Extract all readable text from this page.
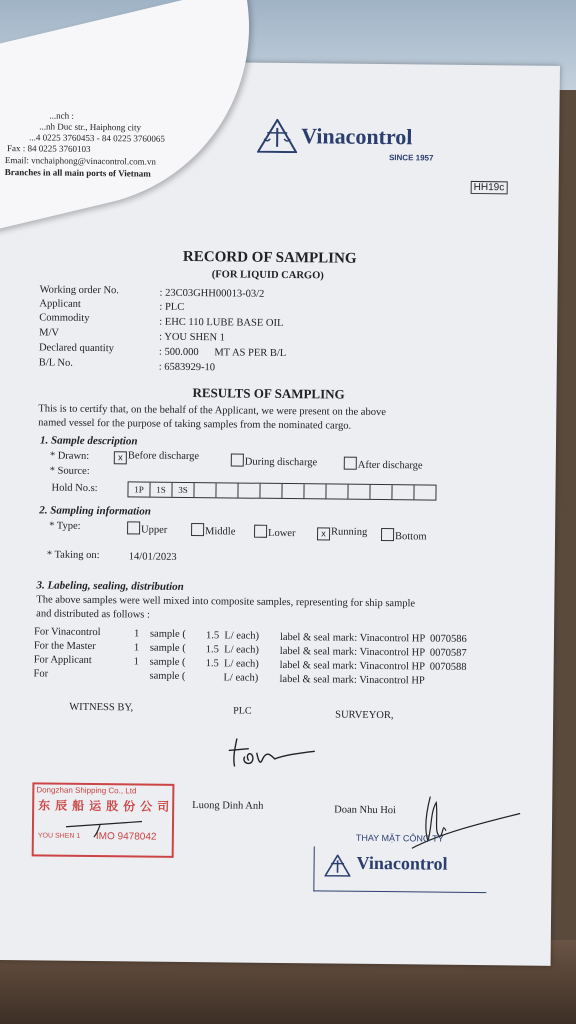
...nch :
...nh Duc str., Haiphong city
...4 0225 3760453 - 84 0225 3760065
Fax : 84 0225 3760103
Email: vnchaiphong@vinacontrol.com.vn
Branches in all main ports of Vietnam
Vinacontrol
SINCE 1957
HH19c
RECORD OF SAMPLING
(FOR LIQUID CARGO)
Working order No.	: 23C03GHH00013-03/2
Applicant	: PLC
Commodity	: EHC 110 LUBE BASE OIL
M/V	: YOU SHEN 1
Declared quantity	: 500.000      MT AS PER B/L
B/L No.	: 6583929-10
RESULTS OF SAMPLING
This is to certify that, on the behalf of the Applicant, we were present on the above
named vessel for the purpose of taking samples from the nominated cargo.
1. Sample description
* Drawn:	x Before discharge
During discharge	After discharge
* Source:
Hold No.s:	1P	1S	3S
2. Sampling information
* Type:	Upper	Middle	Lower	x Running	Bottom
* Taking on:	14/01/2023
3. Labeling, sealing, distribution
The above samples were well mixed into composite samples, representing for ship sample
and distributed as follows :
For Vinacontrol	1 sample ( 1.5  L/ each) label & seal mark: Vinacontrol HP  0070586
For the Master	1 sample ( 1.5  L/ each) label & seal mark: Vinacontrol HP  0070587
For Applicant	1 sample ( 1.5  L/ each) label & seal mark: Vinacontrol HP  0070588
For	sample (	L/ each) label & seal mark: Vinacontrol HP
WITNESS BY,	PLC	SURVEYOR,
Luong Dinh Anh	Doan Nhu Hoi
THAY MẶT CÔNG TY
Vinacontrol
Dongzhan Shipping Co., Ltd
东 辰 船 运 股 份 公 司
YOU SHEN 1 IMO 9478042
